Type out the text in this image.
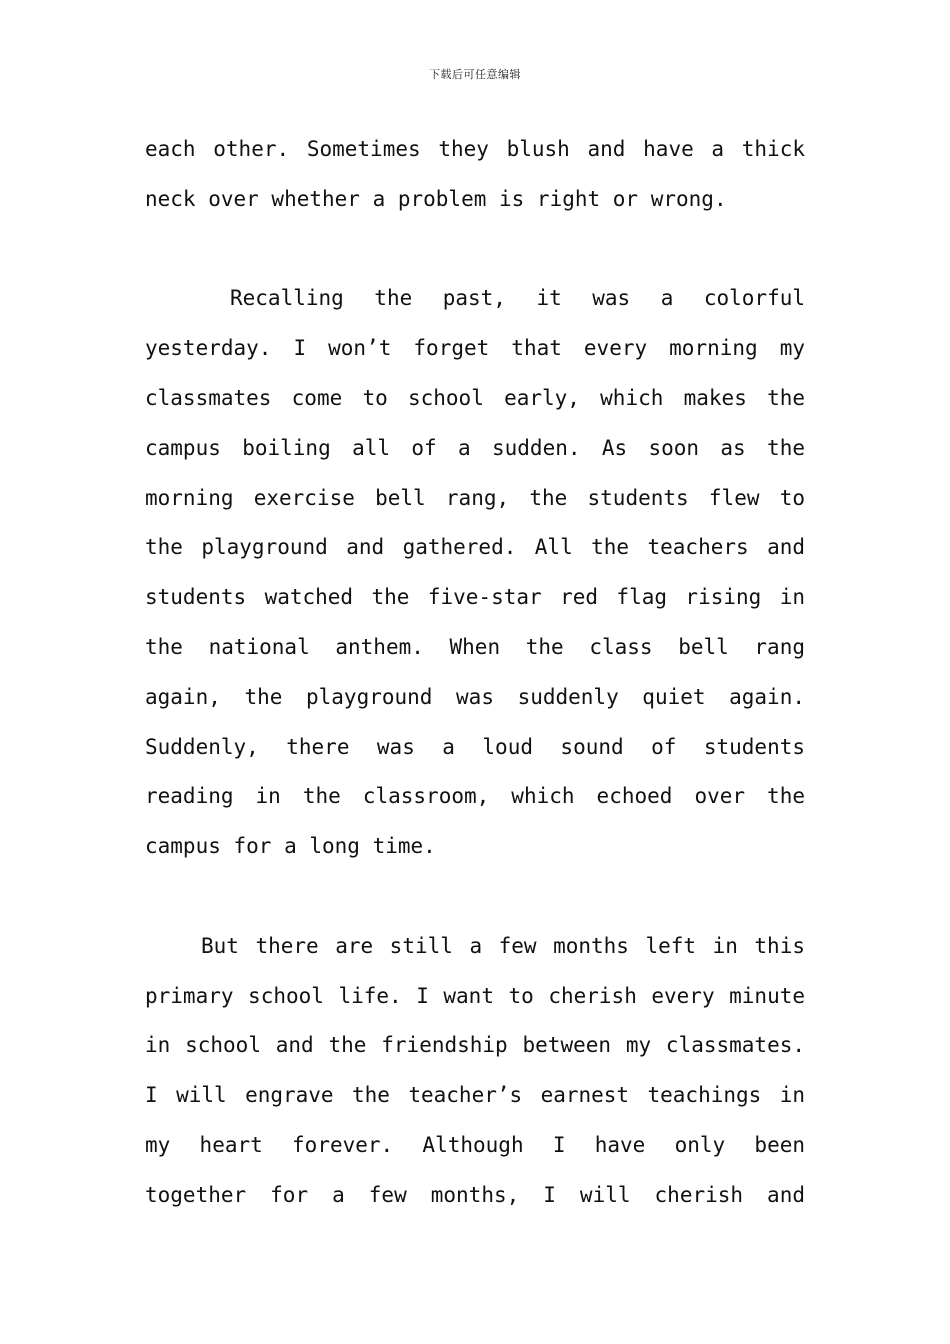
下载后可任意编辑
each other. Sometimes they blush and have a thick
neck over whether a problem is right or wrong.
Recalling the past, it was a colorful
yesterday. I won’t forget that every morning my
classmates come to school early, which makes the
campus boiling all of a sudden. As soon as the
morning exercise bell rang, the students flew to
the playground and gathered. All the teachers and
students watched the five-star red flag rising in
the national anthem. When the class bell rang
again, the playground was suddenly quiet again.
Suddenly, there was a loud sound of students
reading in the classroom, which echoed over the
campus for a long time.
But there are still a few months left in this
primary school life. I want to cherish every minute
in school and the friendship between my classmates.
I will engrave the teacher’s earnest teachings in
my heart forever. Although I have only been
together for a few months, I will cherish and
